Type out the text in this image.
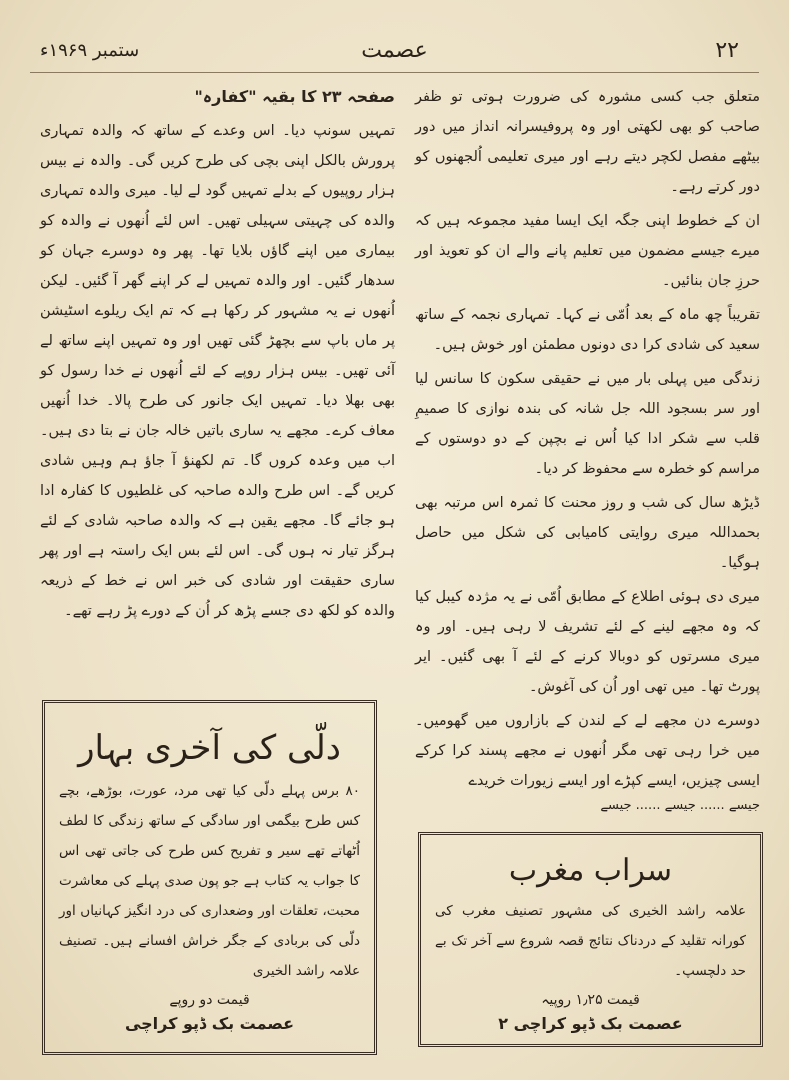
۲۲
عصمت
ستمبر ۱۹۶۹ء

متعلق جب کسی مشورہ کی ضرورت ہوتی تو ظفر صاحب کو بھی لکھتی اور وہ پروفیسرانہ انداز میں دور بیٹھے مفصل لکچر دیتے رہے اور میری تعلیمی اُلجھنوں کو دور کرتے رہے۔

ان کے خطوط اپنی جگہ ایک ایسا مفید مجموعہ ہیں کہ میرے جیسے مضمون میں تعلیم پانے والے ان کو تعویذ اور حرزِ جان بنائیں۔

تقریباً چھ ماہ کے بعد اُمّی نے کہا۔ تمہاری نجمہ کے ساتھ سعید کی شادی کرا دی دونوں مطمئن اور خوش ہیں۔

زندگی میں پہلی بار میں نے حقیقی سکون کا سانس لیا اور سر بسجود اللہ جل شانہ کی بندہ نوازی کا صمیمِ قلب سے شکر ادا کیا اُس نے بچپن کے دو دوستوں کے مراسم کو خطرہ سے محفوظ کر دیا۔

ڈیڑھ سال کی شب و روز محنت کا ثمرہ اس مرتبہ بھی بحمداللہ میری روایتی کامیابی کی شکل میں حاصل ہوگیا۔

میری دی ہوئی اطلاع کے مطابق اُمّی نے یہ مژدہ کیبل کیا کہ وہ مجھے لینے کے لئے تشریف لا رہی ہیں۔ اور وہ میری مسرتوں کو دوبالا کرنے کے لئے آ بھی گئیں۔ ایر پورٹ تھا۔ میں تھی اور اُن کی آغوش۔

دوسرے دن مجھے لے کے لندن کے بازاروں میں گھومیں۔ میں خرا رہی تھی مگر اُنھوں نے مجھے پسند کرا کرکے ایسی چیزیں، ایسے کپڑے اور ایسے زیورات خریدے

جیسے ...... جیسے ...... جیسے
صفحہ ۲۳ کا بقیہ "کفارہ"

تمہیں سونپ دیا۔ اس وعدے کے ساتھ کہ والدہ تمہاری پرورش بالکل اپنی بچی کی طرح کریں گی۔ والدہ نے بیس ہزار روپیوں کے بدلے تمہیں گود لے لیا۔ میری والدہ تمہاری والدہ کی چہیتی سہیلی تھیں۔ اس لئے اُنھوں نے والدہ کو بیماری میں اپنے گاؤں بلایا تھا۔ پھر وہ دوسرے جہان کو سدھار گئیں۔ اور والدہ تمہیں لے کر اپنے گھر آ گئیں۔ لیکن اُنھوں نے یہ مشہور کر رکھا ہے کہ تم ایک ریلوے اسٹیشن پر ماں باپ سے بچھڑ گئی تھیں اور وہ تمہیں اپنے ساتھ لے آئی تھیں۔ بیس ہزار روپے کے لئے اُنھوں نے خدا رسول کو بھی بھلا دیا۔ تمہیں ایک جانور کی طرح پالا۔ خدا اُنھیں معاف کرے۔ مجھے یہ ساری باتیں خالہ جان نے بتا دی ہیں۔ اب میں وعدہ کروں گا۔ تم لکھنؤ آ جاؤ ہم وہیں شادی کریں گے۔ اس طرح والدہ صاحبہ کی غلطیوں کا کفارہ ادا ہو جائے گا۔ مجھے یقین ہے کہ والدہ صاحبہ شادی کے لئے ہرگز تیار نہ ہوں گی۔ اس لئے بس ایک راستہ ہے اور پھر ساری حقیقت اور شادی کی خبر اس نے خط کے ذریعہ والدہ کو لکھ دی جسے پڑھ کر اُن کے دورے پڑ رہے تھے۔

دلّی کی آخری بہار
۸۰ برس پہلے دلّی کیا تھی مرد، عورت، بوڑھے، بچے کس طرح بیگمی اور سادگی کے ساتھ زندگی کا لطف اُٹھاتے تھے سیر و تفریح کس طرح کی جاتی تھی اس کا جواب یہ کتاب ہے جو پون صدی پہلے کی معاشرت محبت، تعلقات اور وضعداری کی درد انگیز کہانیاں اور دلّی کی بربادی کے جگر خراش افسانے ہیں۔ تصنیف علامہ راشد الخیری
قیمت دو روپے
عصمت بک ڈپو کراچی
سراب مغرب
علامہ راشد الخیری کی مشہور تصنیف مغرب کی کورانہ تقلید کے دردناک نتائج قصہ شروع سے آخر تک بے حد دلچسپ۔
قیمت ۱٫۲۵ روپیہ
عصمت بک ڈپو کراچی ۲
